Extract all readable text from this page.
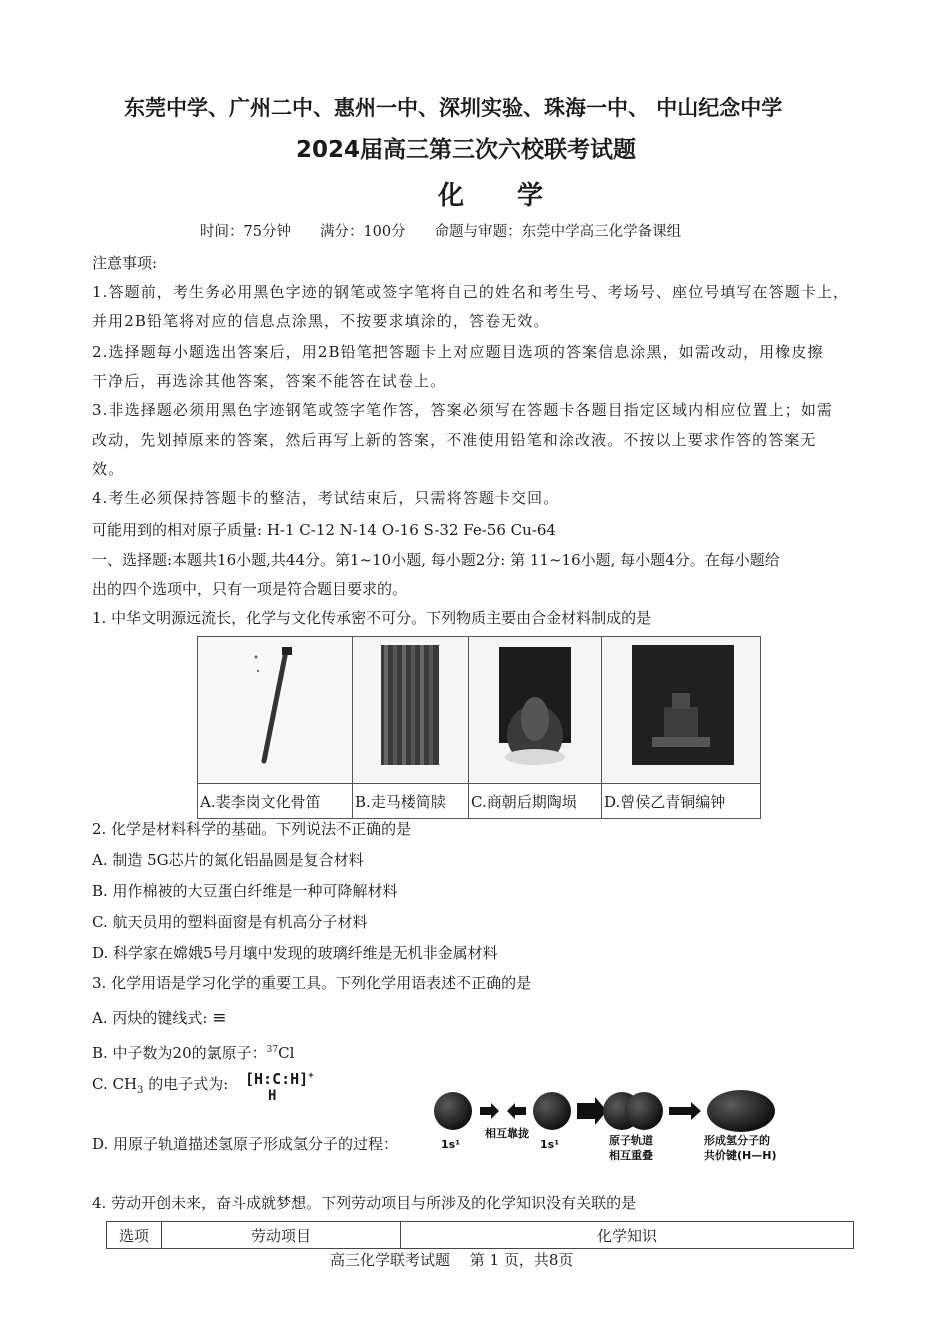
东莞中学、广州二中、惠州一中、深圳实验、珠海一中、 中山纪念中学
2024届高三第三次六校联考试题
化 学
时间：75分钟　　满分：100分　　命题与审题：东莞中学高三化学备课组
注意事项:
1.答题前，考生务必用黑色字迹的钢笔或签字笔将自己的姓名和考生号、考场号、座位号填写在答题卡上，
并用2B铅笔将对应的信息点涂黑，不按要求填涂的，答卷无效。
2.选择题每小题选出答案后，用2B铅笔把答题卡上对应题目选项的答案信息涂黑，如需改动，用橡皮擦
干净后，再选涂其他答案，答案不能答在试卷上。
3.非选择题必须用黑色字迹钢笔或签字笔作答，答案必须写在答题卡各题目指定区域内相应位置上；如需
改动，先划掉原来的答案，然后再写上新的答案，不准使用铅笔和涂改液。不按以上要求作答的答案无
效。
4.考生必须保持答题卡的整洁，考试结束后，只需将答题卡交回。
可能用到的相对原子质量: H-1 C-12 N-14 O-16 S-32 Fe-56 Cu-64
一、选择题:本题共16小题,共44分。第1~10小题, 每小题2分: 第 11~16小题, 每小题4分。在每小题给
出的四个选项中，只有一项是符合题目要求的。
1. 中华文明源远流长，化学与文化传承密不可分。下列物质主要由合金材料制成的是

A.裴李岗文化骨笛	B.走马楼简牍	C.商朝后期陶埙	D.曾侯乙青铜编钟
2. 化学是材料科学的基础。下列说法不正确的是
A. 制造 5G芯片的氮化铝晶圆是复合材料
B. 用作棉被的大豆蛋白纤维是一种可降解材料
C. 航天员用的塑料面窗是有机高分子材料
D. 科学家在嫦娥5号月壤中发现的玻璃纤维是无机非金属材料
3. 化学用语是学习化学的重要工具。下列化学用语表述不正确的是
A. 丙炔的键线式: ≡
B. 中子数为20的氯原子：$^{37}$Cl
C. $CH_3$ 的电子式为: [H:C:H]+
H
D. 用原子轨道描述氢原子形成氢分子的过程：	1s¹
相互靠拢
1s¹	原子轨道
相互重叠
形成氢分子的
共价键(H—H)
4. 劳动开创未来，奋斗成就梦想。下列劳动项目与所涉及的化学知识没有关联的是
选项	劳动项目	化学知识
高三化学联考试题　 第 1 页，共8页
